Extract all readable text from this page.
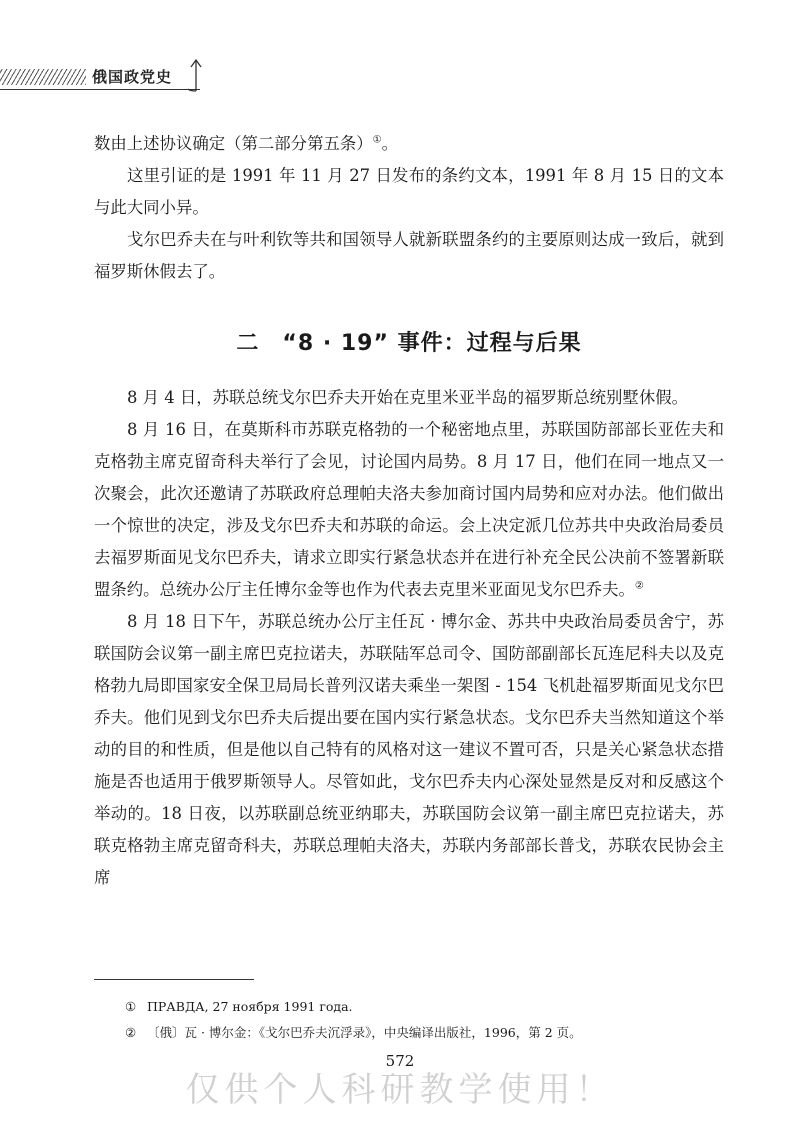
俄国政党史

数由上述协议确定（第二部分第五条）①。

这里引证的是 1991 年 11 月 27 日发布的条约文本，1991 年 8 月 15 日的文本与此大同小异。

戈尔巴乔夫在与叶利钦等共和国领导人就新联盟条约的主要原则达成一致后，就到福罗斯休假去了。

二　“8 · 19” 事件：过程与后果

8 月 4 日，苏联总统戈尔巴乔夫开始在克里米亚半岛的福罗斯总统别墅休假。

8 月 16 日，在莫斯科市苏联克格勃的一个秘密地点里，苏联国防部部长亚佐夫和克格勃主席克留奇科夫举行了会见，讨论国内局势。8 月 17 日，他们在同一地点又一次聚会，此次还邀请了苏联政府总理帕夫洛夫参加商讨国内局势和应对办法。他们做出一个惊世的决定，涉及戈尔巴乔夫和苏联的命运。会上决定派几位苏共中央政治局委员去福罗斯面见戈尔巴乔夫，请求立即实行紧急状态并在进行补充全民公决前不签署新联盟条约。总统办公厅主任博尔金等也作为代表去克里米亚面见戈尔巴乔夫。②

8 月 18 日下午，苏联总统办公厅主任瓦 · 博尔金、苏共中央政治局委员舍宁，苏联国防会议第一副主席巴克拉诺夫，苏联陆军总司令、国防部副部长瓦连尼科夫以及克格勃九局即国家安全保卫局局长普列汉诺夫乘坐一架图 - 154 飞机赴福罗斯面见戈尔巴乔夫。他们见到戈尔巴乔夫后提出要在国内实行紧急状态。戈尔巴乔夫当然知道这个举动的目的和性质，但是他以自己特有的风格对这一建议不置可否，只是关心紧急状态措施是否也适用于俄罗斯领导人。尽管如此，戈尔巴乔夫内心深处显然是反对和反感这个举动的。18 日夜，以苏联副总统亚纳耶夫，苏联国防会议第一副主席巴克拉诺夫，苏联克格勃主席克留奇科夫，苏联总理帕夫洛夫，苏联内务部部长普戈，苏联农民协会主席

① ПРАВДА, 27 ноября 1991 года.
② 〔俄〕瓦 · 博尔金：《戈尔巴乔夫沉浮录》，中央编译出版社，1996，第 2 页。
572
仅供个人科研教学使用！
